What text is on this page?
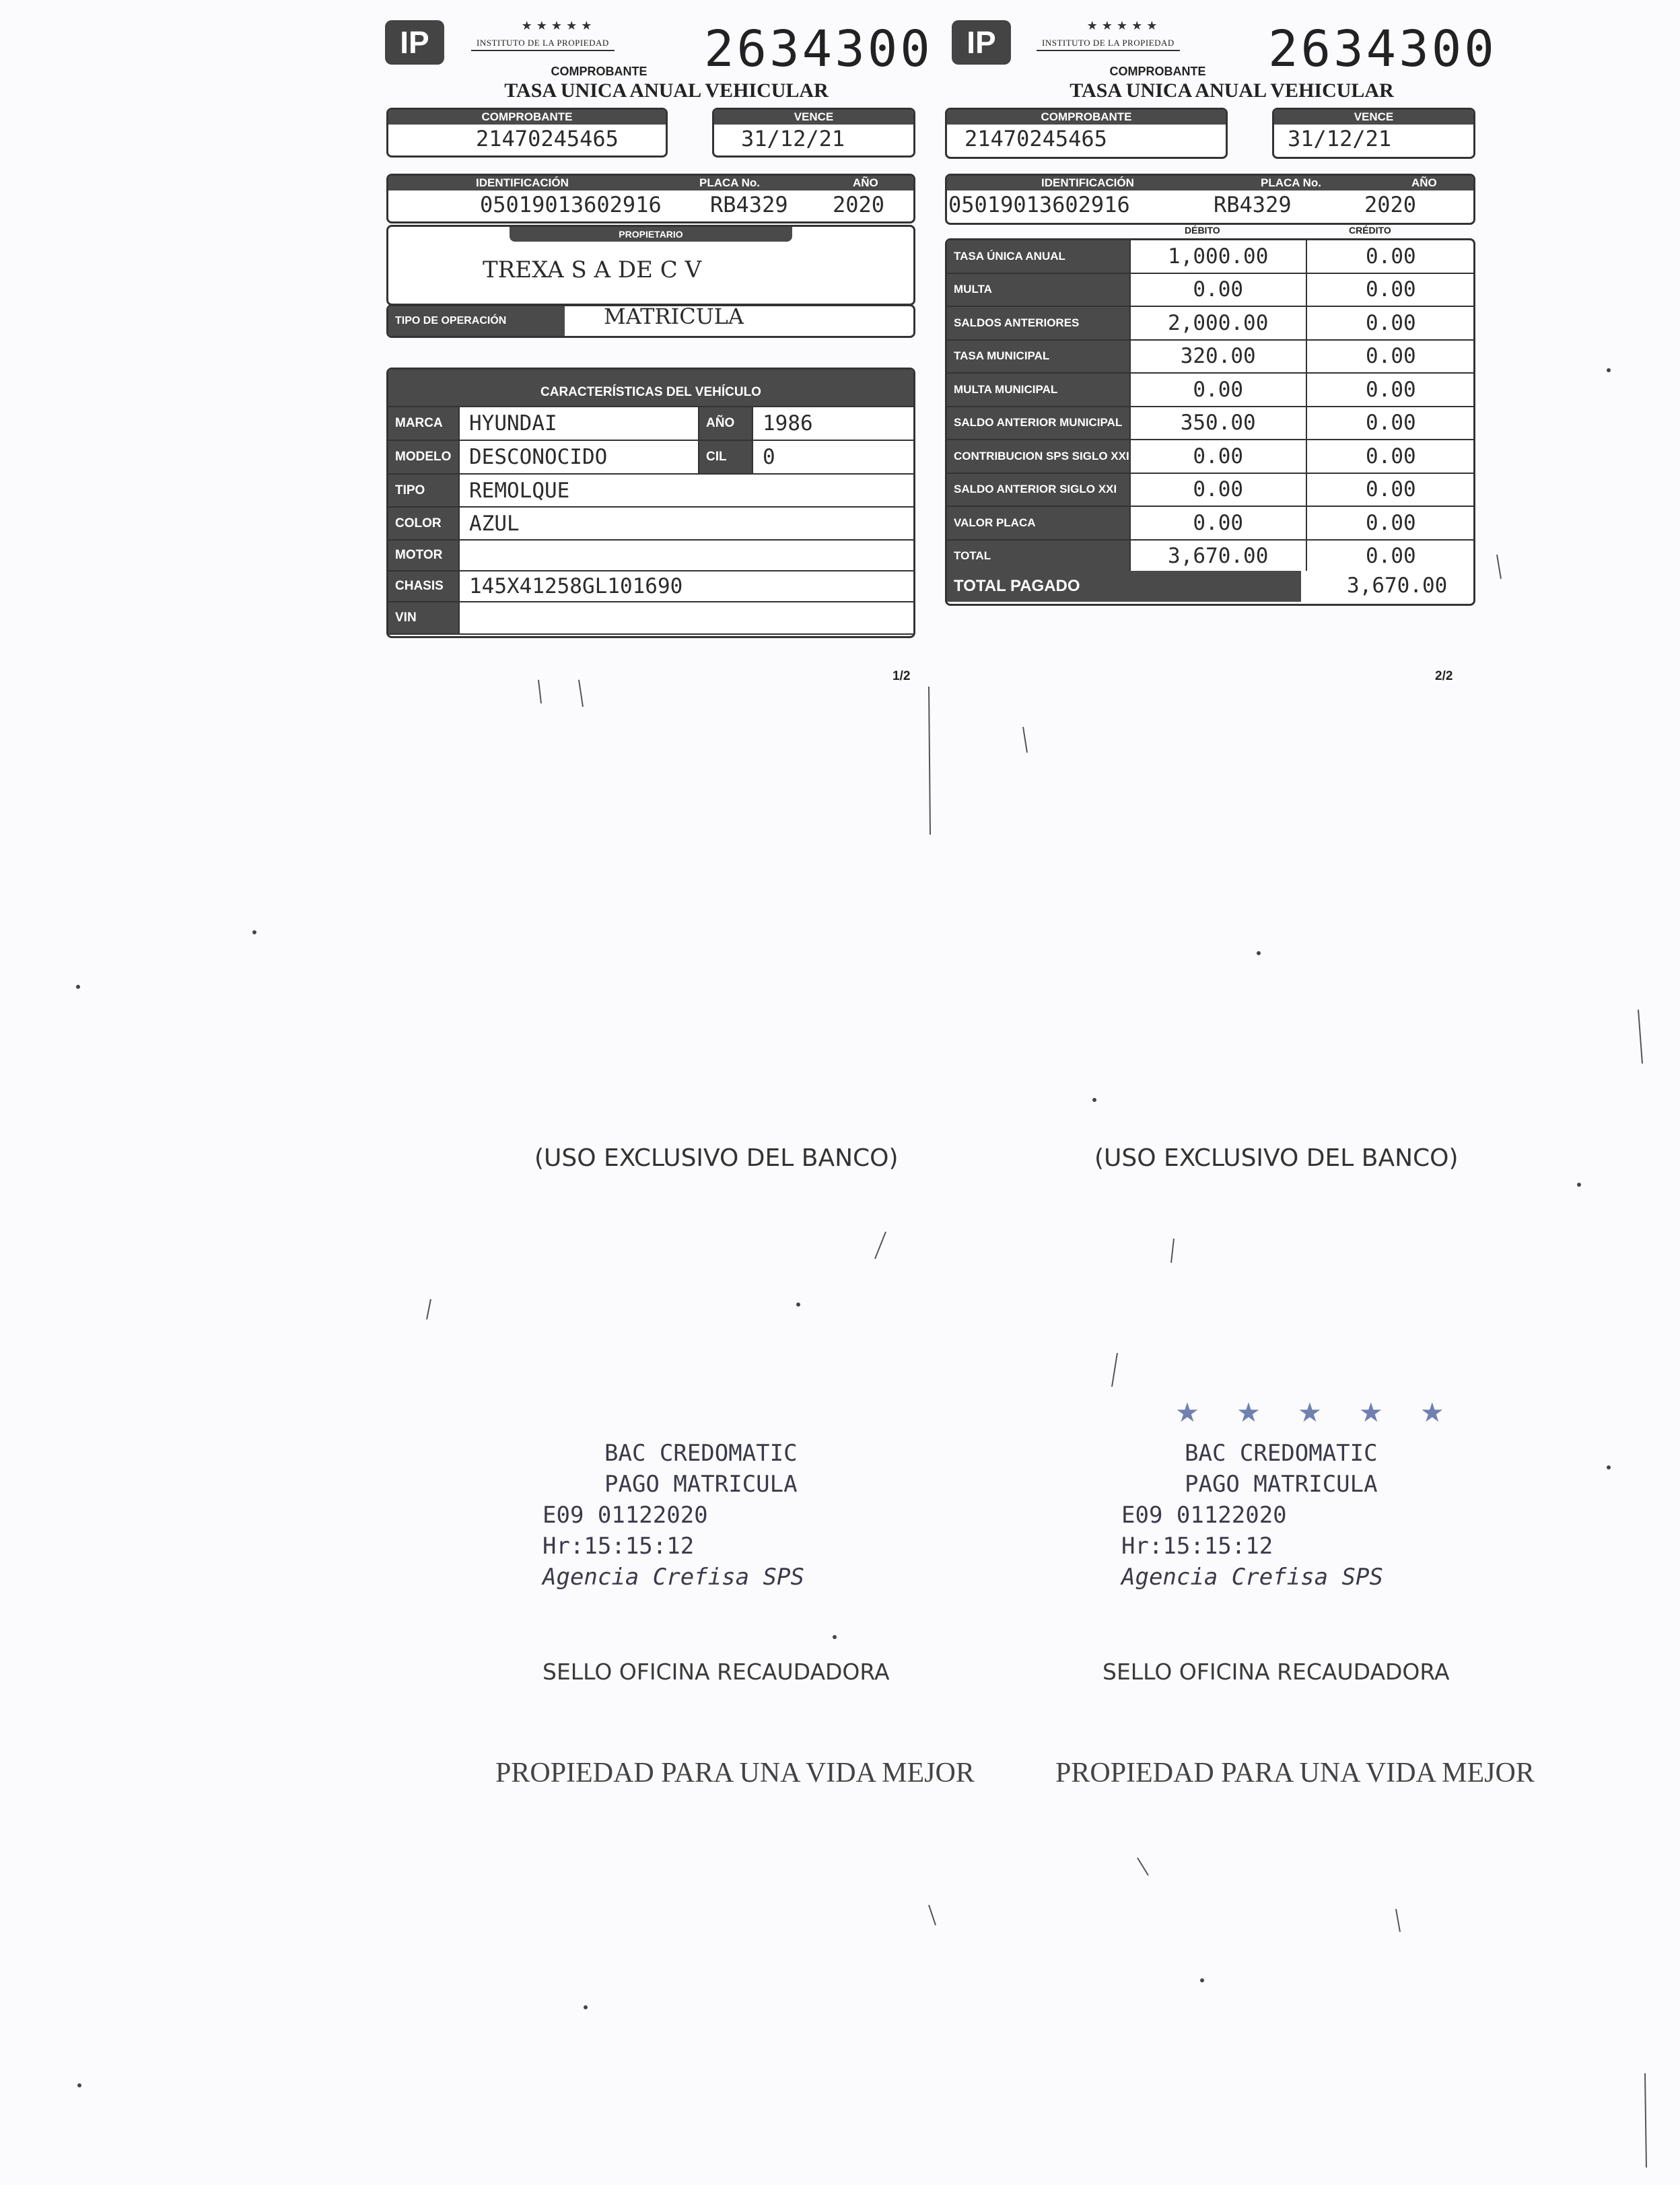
IP	★★★★★
INSTITUTO DE LA PROPIEDAD 2634300
COMPROBANTE
TASA UNICA ANUAL VEHICULAR
COMPROBANTE
21470245465
VENCE
31/12/21
IDENTIFICACIÓN	PLACA No.	AÑO
05019013602916 RB4329 2020
PROPIETARIO
TREXA S A DE C V
TIPO DE OPERACIÓN	MATRICULA
CARACTERÍSTICAS DEL VEHÍCULO
MARCA	HYUNDAI	AÑO	1986
MODELO	DESCONOCIDO	CIL	0
TIPO	REMOLQUE		
COLOR	AZUL		
MOTOR			
CHASIS	145X41258GL101690		
VIN			
1/2
IP	★★★★★
INSTITUTO DE LA PROPIEDAD 2634300
COMPROBANTE
TASA UNICA ANUAL VEHICULAR
COMPROBANTE
21470245465
VENCE
31/12/21
IDENTIFICACIÓN	PLACA No.	AÑO
05019013602916	RB4329	2020
DÉBITO	CRÉDITO
TASA ÚNICA ANUAL	1,000.00	0.00
MULTA	0.00	0.00
SALDOS ANTERIORES	2,000.00	0.00
TASA MUNICIPAL	320.00	0.00
MULTA MUNICIPAL	0.00	0.00
SALDO ANTERIOR MUNICIPAL	350.00	0.00
CONTRIBUCION SPS SIGLO XXI	0.00	0.00
SALDO ANTERIOR SIGLO XXI	0.00	0.00
VALOR PLACA	0.00	0.00
TOTAL	3,670.00	0.00
TOTAL PAGADO	3,670.00
2/2
(USO EXCLUSIVO DEL BANCO)	(USO EXCLUSIVO DEL BANCO)
BAC CREDOMATIC
PAGO MATRICULA
E09 01122020
Hr:15:15:12
Agencia Crefisa SPS
★ ★ ★ ★ ★
BAC CREDOMATIC
PAGO MATRICULA
E09 01122020
Hr:15:15:12
Agencia Crefisa SPS
SELLO OFICINA RECAUDADORA	SELLO OFICINA RECAUDADORA
PROPIEDAD PARA UNA VIDA MEJOR	PROPIEDAD PARA UNA VIDA MEJOR
